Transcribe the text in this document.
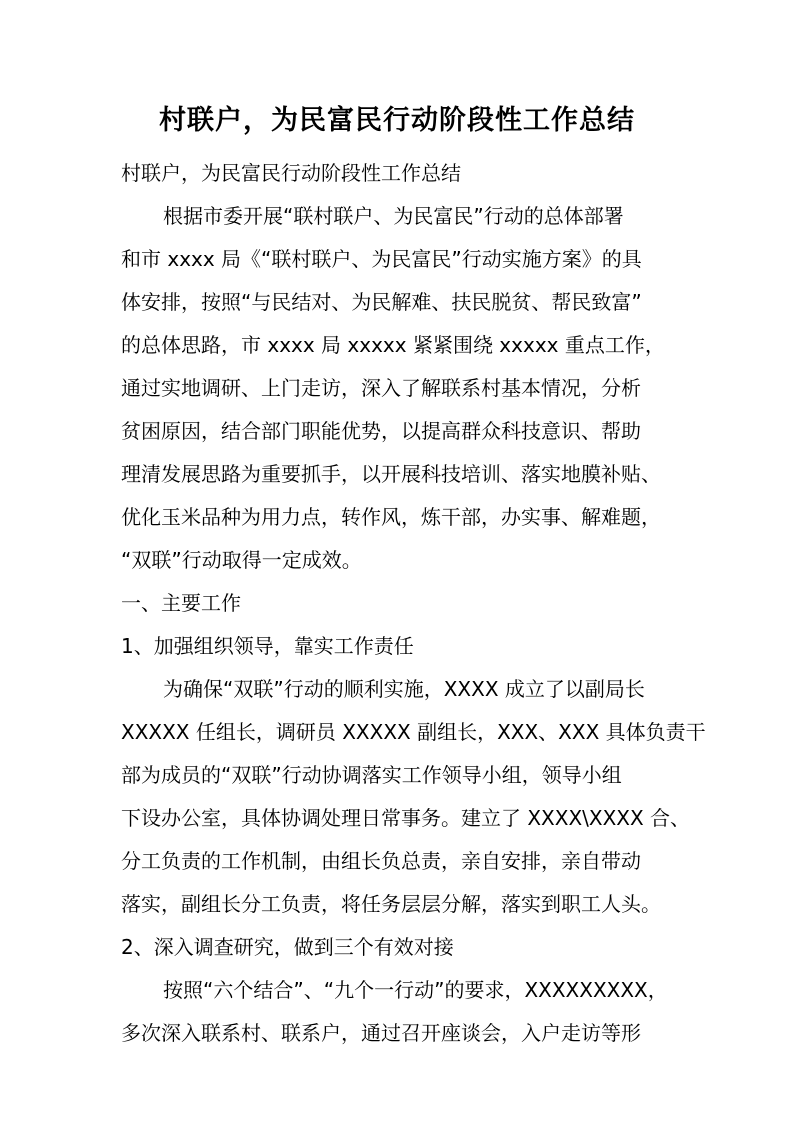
村联户，为民富民行动阶段性工作总结
村联户，为民富民行动阶段性工作总结
根据市委开展“联村联户、为民富民”行动的总体部署
和市 xxxx 局《“联村联户、为民富民”行动实施方案》的具
体安排，按照“与民结对、为民解难、扶民脱贫、帮民致富”
的总体思路，市 xxxx 局 xxxxx 紧紧围绕 xxxxx 重点工作，
通过实地调研、上门走访，深入了解联系村基本情况，分析
贫困原因，结合部门职能优势，以提高群众科技意识、帮助
理清发展思路为重要抓手，以开展科技培训、落实地膜补贴、
优化玉米品种为用力点，转作风，炼干部，办实事、解难题，
“双联”行动取得一定成效。
一、主要工作
1、加强组织领导，靠实工作责任
为确保“双联”行动的顺利实施，XXXX 成立了以副局长
XXXXX 任组长，调研员 XXXXX 副组长，XXX、XXX 具体负责干
部为成员的“双联”行动协调落实工作领导小组，领导小组
下设办公室，具体协调处理日常事务。建立了 XXXX\XXXX 合、
分工负责的工作机制，由组长负总责，亲自安排，亲自带动
落实，副组长分工负责，将任务层层分解，落实到职工人头。
2、深入调查研究，做到三个有效对接
按照“六个结合”、“九个一行动”的要求，XXXXXXXXX，
多次深入联系村、联系户，通过召开座谈会，入户走访等形
